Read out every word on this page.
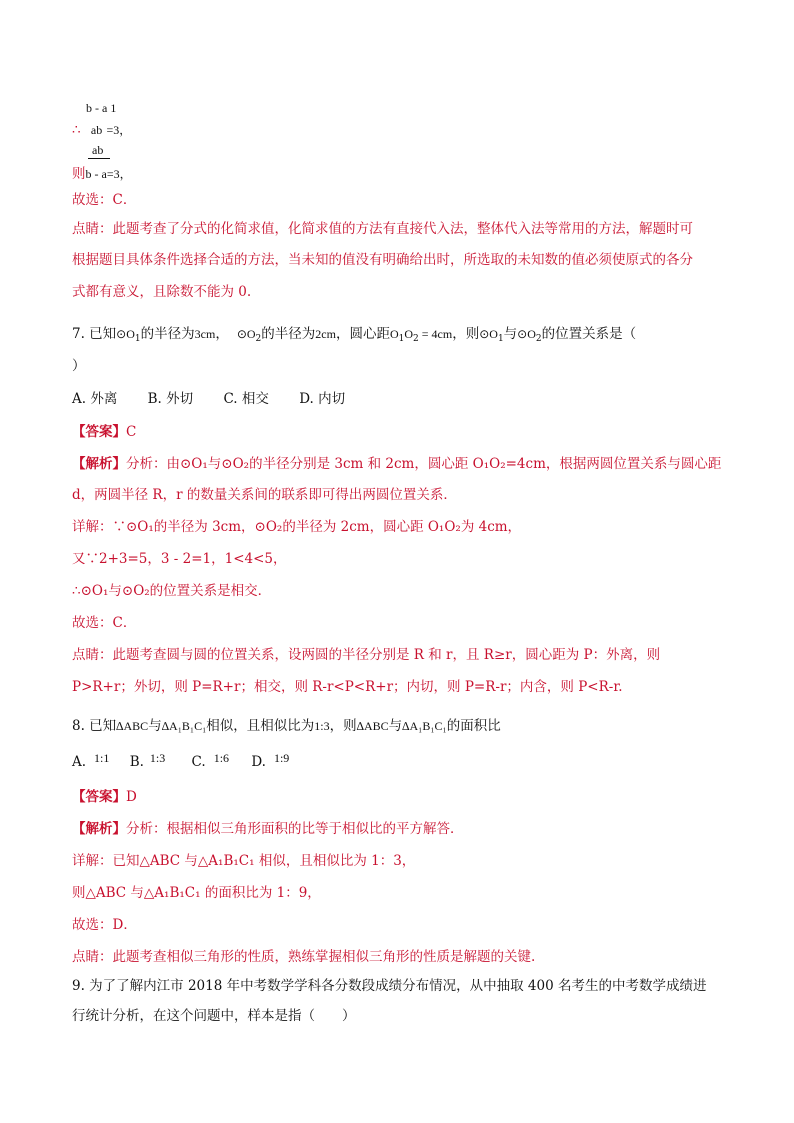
b - a 1
∴ ab =3，
ab
则b - a=3，
故选：C．
点睛：此题考查了分式的化简求值，化简求值的方法有直接代入法，整体代入法等常用的方法，解题时可
根据题目具体条件选择合适的方法，当未知的值没有明确给出时，所选取的未知数的值必须使原式的各分
式都有意义，且除数不能为 0.
7. 已知$⊙O_1$的半径为3cm， $⊙O_2$的半径为2cm，圆心距$O_1O_2 = 4cm$，则$⊙O_1$与$⊙O_2$的位置关系是（
）
A. 外离 B. 外切 C. 相交 D. 内切
【答案】C
【解析】分析：由⊙O₁与⊙O₂的半径分别是 3cm 和 2cm，圆心距 O₁O₂=4cm，根据两圆位置关系与圆心距
d，两圆半径 R，r 的数量关系间的联系即可得出两圆位置关系．
详解：∵⊙O₁的半径为 3cm，⊙O₂的半径为 2cm，圆心距 O₁O₂为 4cm，
又∵2+3=5，3 - 2=1，1<4<5，
∴⊙O₁与⊙O₂的位置关系是相交．
故选：C．
点睛：此题考查圆与圆的位置关系，设两圆的半径分别是 R 和 r，且 R≥r，圆心距为 P：外离，则
P>R+r；外切，则 P=R+r；相交，则 R-r<P<R+r；内切，则 P=R-r；内含，则 P<R-r.
8. 已知∆ABC与∆A₁B₁C₁相似，且相似比为1:3，则∆ABC与∆A₁B₁C₁的面积比
A. 1:1 B. 1:3 C. 1:6 D. 1:9
【答案】D
【解析】分析：根据相似三角形面积的比等于相似比的平方解答．
详解：已知△ABC 与△A₁B₁C₁ 相似，且相似比为 1：3，
则△ABC 与△A₁B₁C₁ 的面积比为 1：9，
故选：D．
点睛：此题考查相似三角形的性质，熟练掌握相似三角形的性质是解题的关键.
9. 为了了解内江市 2018 年中考数学学科各分数段成绩分布情况，从中抽取 400 名考生的中考数学成绩进
行统计分析，在这个问题中，样本是指（　　）
